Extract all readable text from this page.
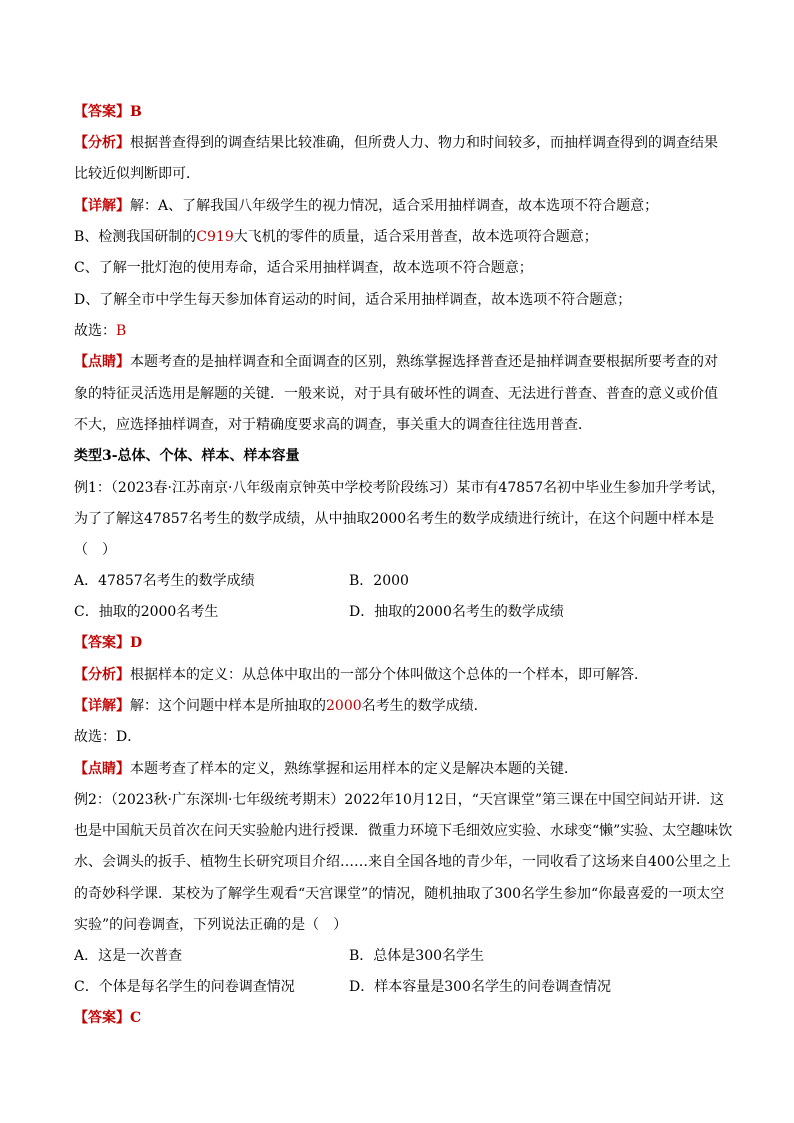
【答案】B
【分析】根据普查得到的调查结果比较准确，但所费人力、物力和时间较多，而抽样调查得到的调查结果
比较近似判断即可．
【详解】解：A、了解我国八年级学生的视力情况，适合采用抽样调查，故本选项不符合题意；
B、检测我国研制的C919大飞机的零件的质量，适合采用普查，故本选项符合题意；
C、了解一批灯泡的使用寿命，适合采用抽样调查，故本选项不符合题意；
D、了解全市中学生每天参加体育运动的时间，适合采用抽样调查，故本选项不符合题意；
故选：B
【点睛】本题考查的是抽样调查和全面调查的区别，熟练掌握选择普查还是抽样调查要根据所要考查的对
象的特征灵活选用是解题的关键．一般来说，对于具有破坏性的调查、无法进行普查、普查的意义或价值
不大，应选择抽样调查，对于精确度要求高的调查，事关重大的调查往往选用普查．
类型3-总体、个体、样本、样本容量
例1：（2023春·江苏南京·八年级南京钟英中学校考阶段练习）某市有47857名初中毕业生参加升学考试，
为了了解这47857名考生的数学成绩，从中抽取2000名考生的数学成绩进行统计，在这个问题中样本是
（　）
A．47857名考生的数学成绩	B．2000
C．抽取的2000名考生	D．抽取的2000名考生的数学成绩
【答案】D
【分析】根据样本的定义：从总体中取出的一部分个体叫做这个总体的一个样本，即可解答．
【详解】解：这个问题中样本是所抽取的2000名考生的数学成绩．
故选：D．
【点睛】本题考查了样本的定义，熟练掌握和运用样本的定义是解决本题的关键．
例2：（2023秋·广东深圳·七年级统考期末）2022年10月12日，“天宫课堂”第三课在中国空间站开讲．这
也是中国航天员首次在问天实验舱内进行授课．微重力环境下毛细效应实验、水球变“懒”实验、太空趣味饮
水、会调头的扳手、植物生长研究项目介绍……来自全国各地的青少年，一同收看了这场来自400公里之上
的奇妙科学课．某校为了解学生观看“天宫课堂”的情况，随机抽取了300名学生参加“你最喜爱的一项太空
实验”的问卷调查，下列说法正确的是（　）
A．这是一次普查	B．总体是300名学生
C．个体是每名学生的问卷调查情况	D．样本容量是300名学生的问卷调查情况
【答案】C
